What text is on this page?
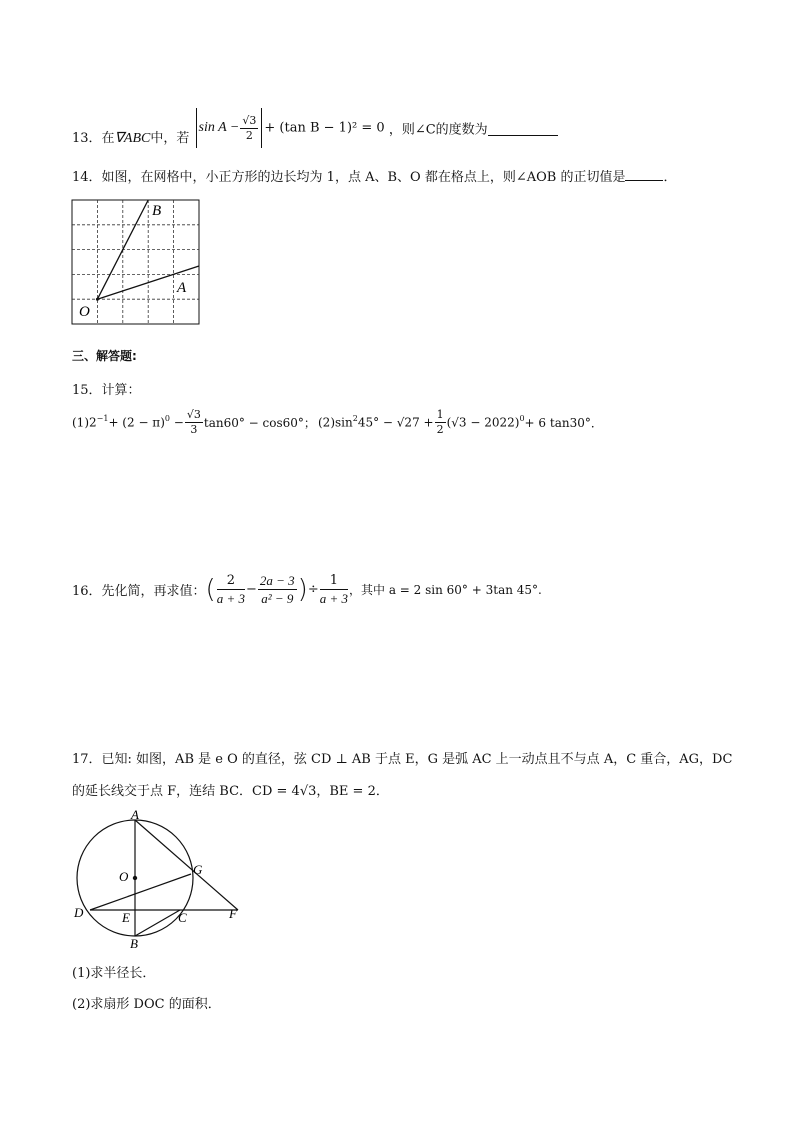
13．在∇ABC中，若 $\sin A - \frac{√3}{2} + (\tan$ B − 1)² = 0 ，则∠C的度数为
14．如图，在网格中，小正方形的边长均为 1，点 A、B、O 都在格点上，则∠AOB 的正切值是	．
B
A
O
三、解答题:
15．计算：
$(1)2^{-1}+ (2 - \pi)^0 - \frac{√3}{3} \tan 60^\circ - \cos 60^\circ$； $(2)\sin^245^\circ - √27 + \frac{1}{2} (√3 - 2022)^0+ 6$ tan30°．
16．先化简，再求值：( $\frac{2}{a + 3} - \frac{2a - 3}{\text{a² − 9}}$ )÷ $\frac{1}{a + 3}$ ，其中 a = 2 sin 60° + 3tan 45°.
17．已知: 如图，AB 是 e O 的直径，弦 CD ⊥ AB 于点 E，G 是弧 AC 上一动点且不与点 A，C 重合，AG，DC
的延长线交于点 F，连结 BC．CD = 4√3，BE = 2．
A
O	G
D	E	C	F
B
(1)求半径长．
(2)求扇形 DOC 的面积．
